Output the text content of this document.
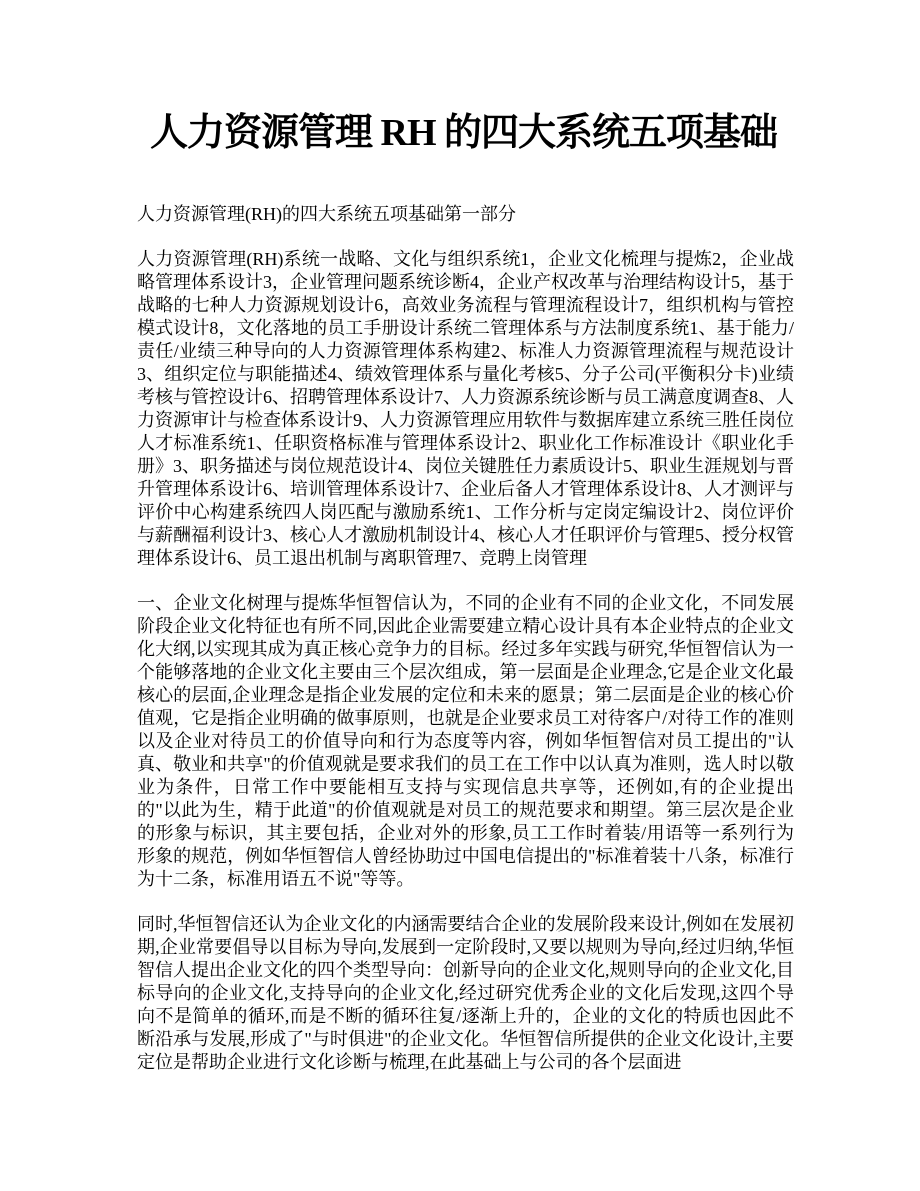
人力资源管理 RH 的四大系统五项基础

人力资源管理(RH)的四大系统五项基础第一部分

人力资源管理(RH)系统一战略、文化与组织系统1，企业文化梳理与提炼2，企业战略管理体系设计3，企业管理问题系统诊断4，企业产权改革与治理结构设计5，基于战略的七种人力资源规划设计6，高效业务流程与管理流程设计7，组织机构与管控模式设计8，文化落地的员工手册设计系统二管理体系与方法制度系统1、基于能力/责任/业绩三种导向的人力资源管理体系构建2、标准人力资源管理流程与规范设计3、组织定位与职能描述4、绩效管理体系与量化考核5、分子公司(平衡积分卡)业绩考核与管控设计6、招聘管理体系设计7、人力资源系统诊断与员工满意度调查8、人力资源审计与检查体系设计9、人力资源管理应用软件与数据库建立系统三胜任岗位人才标准系统1、任职资格标准与管理体系设计2、职业化工作标准设计《职业化手册》3、职务描述与岗位规范设计4、岗位关键胜任力素质设计5、职业生涯规划与晋升管理体系设计6、培训管理体系设计7、企业后备人才管理体系设计8、人才测评与评价中心构建系统四人岗匹配与激励系统1、工作分析与定岗定编设计2、岗位评价与薪酬福利设计3、核心人才激励机制设计4、核心人才任职评价与管理5、授分权管理体系设计6、员工退出机制与离职管理7、竞聘上岗管理

一、企业文化树理与提炼华恒智信认为，不同的企业有不同的企业文化，不同发展阶段企业文化特征也有所不同,因此企业需要建立精心设计具有本企业特点的企业文化大纲,以实现其成为真正核心竞争力的目标。经过多年实践与研究,华恒智信认为一个能够落地的企业文化主要由三个层次组成，第一层面是企业理念,它是企业文化最核心的层面,企业理念是指企业发展的定位和未来的愿景；第二层面是企业的核心价值观，它是指企业明确的做事原则，也就是企业要求员工对待客户/对待工作的准则以及企业对待员工的价值导向和行为态度等内容，例如华恒智信对员工提出的"认真、敬业和共享"的价值观就是要求我们的员工在工作中以认真为准则，选人时以敬业为条件，日常工作中要能相互支持与实现信息共享等，还例如,有的企业提出的"以此为生，精于此道"的价值观就是对员工的规范要求和期望。第三层次是企业的形象与标识，其主要包括，企业对外的形象,员工工作时着装/用语等一系列行为形象的规范，例如华恒智信人曾经协助过中国电信提出的"标准着装十八条，标准行为十二条，标准用语五不说"等等。

同时,华恒智信还认为企业文化的内涵需要结合企业的发展阶段来设计,例如在发展初期,企业常要倡导以目标为导向,发展到一定阶段时,又要以规则为导向,经过归纳,华恒智信人提出企业文化的四个类型导向：创新导向的企业文化,规则导向的企业文化,目标导向的企业文化,支持导向的企业文化,经过研究优秀企业的文化后发现,这四个导向不是简单的循环,而是不断的循环往复/逐渐上升的，企业的文化的特质也因此不断沿承与发展,形成了"与时俱进"的企业文化。华恒智信所提供的企业文化设计,主要定位是帮助企业进行文化诊断与梳理,在此基础上与公司的各个层面进
